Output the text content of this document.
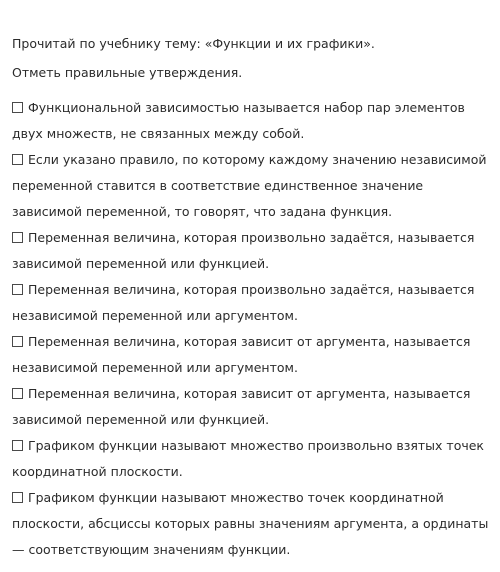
Прочитай по учебнику тему: «Функции и их графики».

Отметь правильные утверждения.

Функциональной зависимостью называется набор пар элементов двух множеств, не связанных между собой.
Если указано правило, по которому каждому значению независимой переменной ставится в соответствие единственное значение зависимой переменной, то говорят, что задана функция.
Переменная величина, которая произвольно задаётся, называется зависимой переменной или функцией.
Переменная величина, которая произвольно задаётся, называется независимой переменной или аргументом.
Переменная величина, которая зависит от аргумента, называется независимой переменной или аргументом.
Переменная величина, которая зависит от аргумента, называется зависимой переменной или функцией.
Графиком функции называют множество произвольно взятых точек координатной плоскости.
Графиком функции называют множество точек координатной плоскости, абсциссы которых равны значениям аргумента, а ординаты — соответствующим значениям функции.
